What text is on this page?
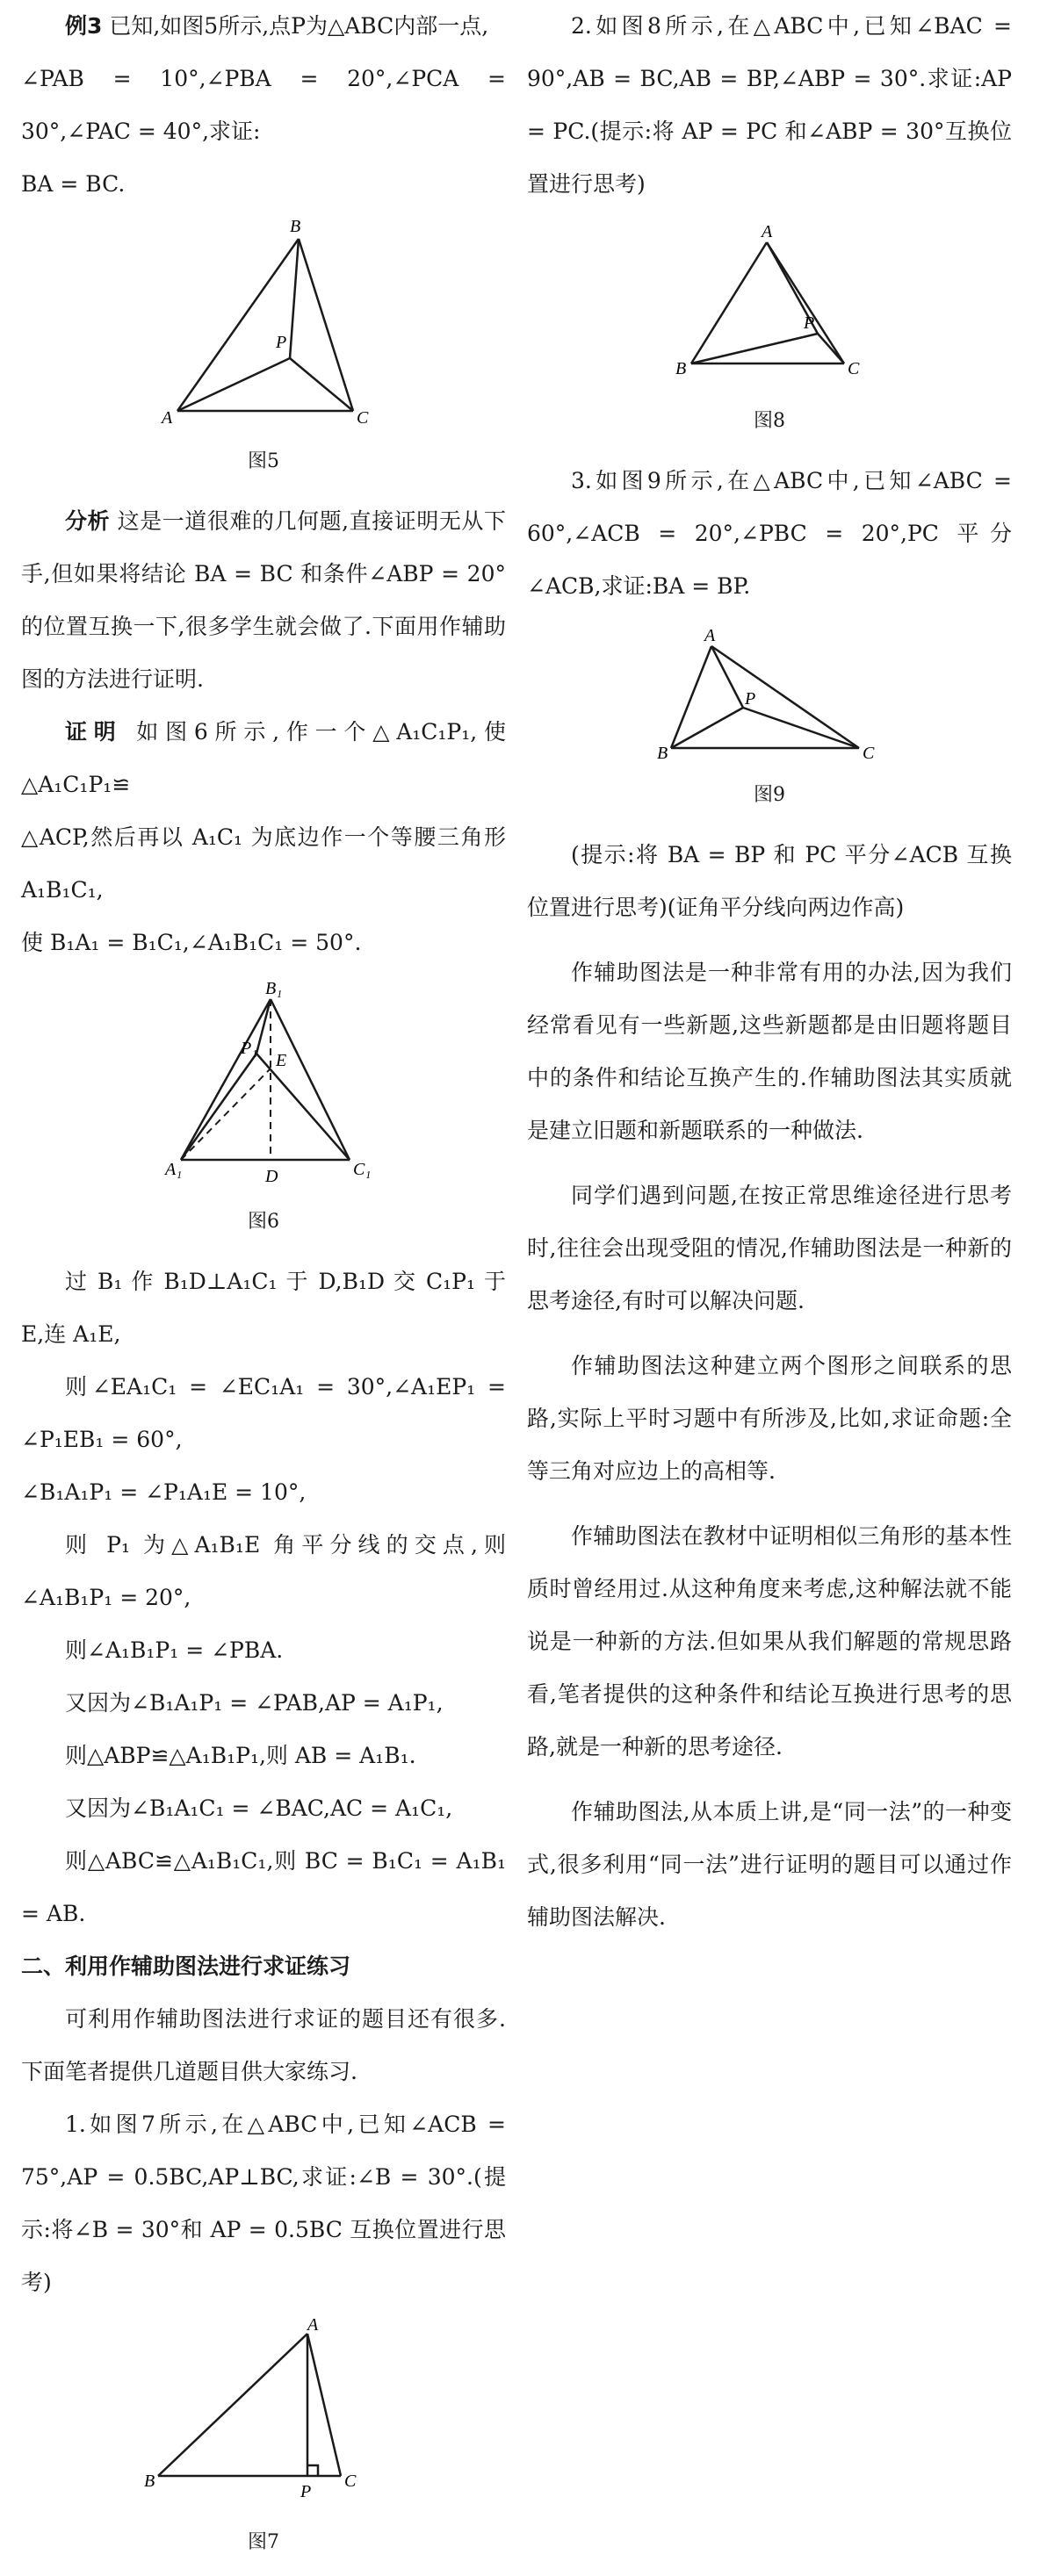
例3 已知,如图5所示,点P为△ABC内部一点,

∠PAB = 10°,∠PBA = 20°,∠PCA = 30°,∠PAC = 40°,求证:

BA = BC.

B
A	C
P
图5

分析 这是一道很难的几何题,直接证明无从下手,但如果将结论 BA = BC 和条件∠ABP = 20°的位置互换一下,很多学生就会做了.下面用作辅助图的方法进行证明.

证明 如图6所示,作一个△A₁C₁P₁,使△A₁C₁P₁≌

△ACP,然后再以 A₁C₁ 为底边作一个等腰三角形 A₁B₁C₁,

使 B₁A₁ = B₁C₁,∠A₁B₁C₁ = 50°.

B₁
A₁	C₁
P₁
E
D
图6

过 B₁ 作 B₁D⊥A₁C₁ 于 D,B₁D 交 C₁P₁ 于 E,连 A₁E,

则∠EA₁C₁ = ∠EC₁A₁ = 30°,∠A₁EP₁ = ∠P₁EB₁ = 60°,

∠B₁A₁P₁ = ∠P₁A₁E = 10°,

则 P₁ 为△A₁B₁E 角平分线的交点,则∠A₁B₁P₁ = 20°,

则∠A₁B₁P₁ = ∠PBA.

又因为∠B₁A₁P₁ = ∠PAB,AP = A₁P₁,

则△ABP≌△A₁B₁P₁,则 AB = A₁B₁.

又因为∠B₁A₁C₁ = ∠BAC,AC = A₁C₁,

则△ABC≌△A₁B₁C₁,则 BC = B₁C₁ = A₁B₁ = AB.

二、利用作辅助图法进行求证练习

可利用作辅助图法进行求证的题目还有很多.下面笔者提供几道题目供大家练习.

1.如图7所示,在△ABC中,已知∠ACB = 75°,AP = 0.5BC,AP⊥BC,求证:∠B = 30°.(提示:将∠B = 30°和 AP = 0.5BC 互换位置进行思考)

A
B	C
P
图7

2.如图8所示,在△ABC中,已知∠BAC = 90°,AB = BC,AB = BP,∠ABP = 30°.求证:AP = PC.(提示:将 AP = PC 和∠ABP = 30°互换位置进行思考)

A
B	C
P
图8

3.如图9所示,在△ABC中,已知∠ABC = 60°,∠ACB = 20°,∠PBC = 20°,PC 平分∠ACB,求证:BA = BP.

A
B	C
P
图9

(提示:将 BA = BP 和 PC 平分∠ACB 互换位置进行思考)(证角平分线向两边作高)

作辅助图法是一种非常有用的办法,因为我们经常看见有一些新题,这些新题都是由旧题将题目中的条件和结论互换产生的.作辅助图法其实质就是建立旧题和新题联系的一种做法.

同学们遇到问题,在按正常思维途径进行思考时,往往会出现受阻的情况,作辅助图法是一种新的思考途径,有时可以解决问题.

作辅助图法这种建立两个图形之间联系的思路,实际上平时习题中有所涉及,比如,求证命题:全等三角对应边上的高相等.

作辅助图法在教材中证明相似三角形的基本性质时曾经用过.从这种角度来考虑,这种解法就不能说是一种新的方法.但如果从我们解题的常规思路看,笔者提供的这种条件和结论互换进行思考的思路,就是一种新的思考途径.

作辅助图法,从本质上讲,是“同一法”的一种变式,很多利用“同一法”进行证明的题目可以通过作辅助图法解决.
